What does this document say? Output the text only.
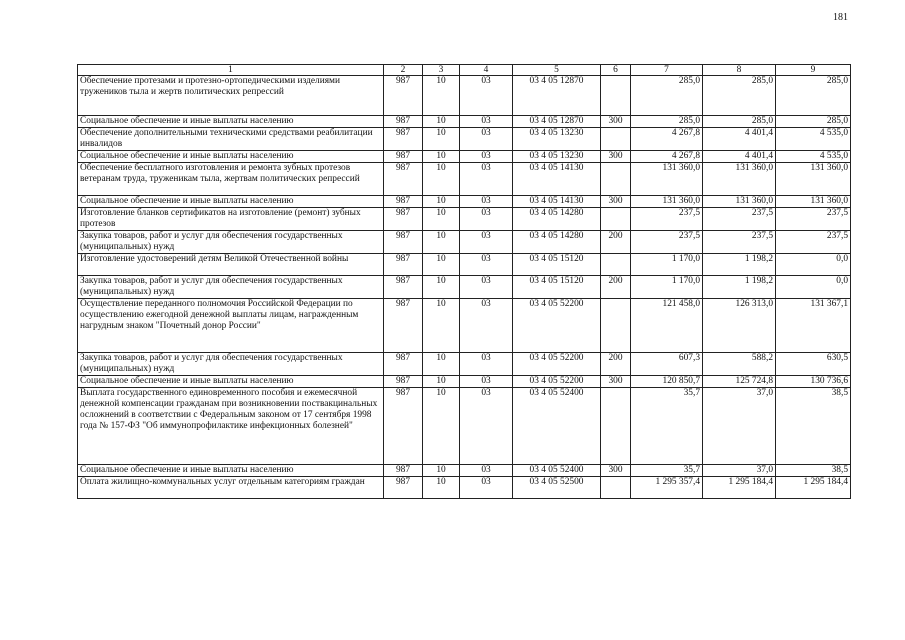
181
1	2	3	4	5	6	7	8	9
Обеспечение протезами и протезно-ортопедическими изделиями тружеников тыла и жертв политических репрессий	987	10	03	03 4 05 12870		285,0	285,0	285,0
Социальное обеспечение и иные выплаты населению	987	10	03	03 4 05 12870	300	285,0	285,0	285,0
Обеспечение дополнительными техническими средствами реабилитации инвалидов	987	10	03	03 4 05 13230		4 267,8	4 401,4	4 535,0
Социальное обеспечение и иные выплаты населению	987	10	03	03 4 05 13230	300	4 267,8	4 401,4	4 535,0
Обеспечение бесплатного изготовления и ремонта зубных протезов ветеранам труда, труженикам тыла, жертвам политических репрессий	987	10	03	03 4 05 14130		131 360,0	131 360,0	131 360,0
Социальное обеспечение и иные выплаты населению	987	10	03	03 4 05 14130	300	131 360,0	131 360,0	131 360,0
Изготовление бланков сертификатов на изготовление (ремонт) зубных протезов	987	10	03	03 4 05 14280		237,5	237,5	237,5
Закупка товаров, работ и услуг для обеспечения государственных (муниципальных) нужд	987	10	03	03 4 05 14280	200	237,5	237,5	237,5
Изготовление удостоверений детям Великой Отечественной войны	987	10	03	03 4 05 15120		1 170,0	1 198,2	0,0
Закупка товаров, работ и услуг для обеспечения государственных (муниципальных) нужд	987	10	03	03 4 05 15120	200	1 170,0	1 198,2	0,0
Осуществление переданного полномочия Российской Федерации по осуществлению ежегодной денежной выплаты лицам, награжденным нагрудным знаком "Почетный донор России"	987	10	03	03 4 05 52200		121 458,0	126 313,0	131 367,1
Закупка товаров, работ и услуг для обеспечения государственных (муниципальных) нужд	987	10	03	03 4 05 52200	200	607,3	588,2	630,5
Социальное обеспечение и иные выплаты населению	987	10	03	03 4 05 52200	300	120 850,7	125 724,8	130 736,6
Выплата государственного единовременного пособия и ежемесячной денежной компенсации гражданам при возникновении поствакцинальных осложнений в соответствии с Федеральным законом от 17 сентября 1998 года № 157-ФЗ "Об иммунопрофилактике инфекционных болезней"	987	10	03	03 4 05 52400		35,7	37,0	38,5
Социальное обеспечение и иные выплаты населению	987	10	03	03 4 05 52400	300	35,7	37,0	38,5
Оплата жилищно-коммунальных услуг отдельным категориям граждан	987	10	03	03 4 05 52500		1 295 357,4	1 295 184,4	1 295 184,4
